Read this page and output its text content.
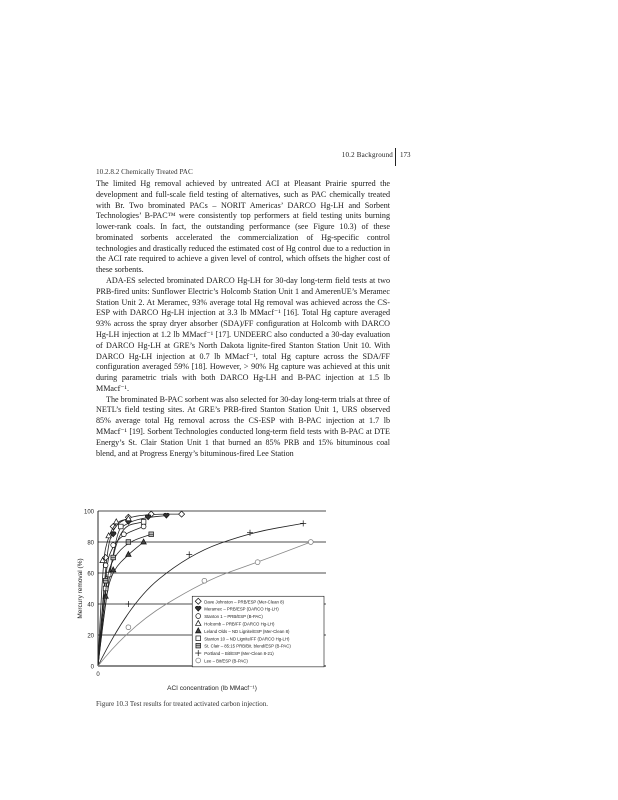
10.2 Background 173
10.2.8.2 Chemically Treated PAC

The limited Hg removal achieved by untreated ACI at Pleasant Prairie spurred the development and full-scale field testing of alternatives, such as PAC chemically treated with Br. Two brominated PACs – NORIT Americas’ DARCO Hg-LH and Sorbent Technologies’ B-PAC™ were consistently top performers at field testing units burning lower-rank coals. In fact, the outstanding performance (see Figure 10.3) of these brominated sorbents accelerated the commercialization of Hg-specific control technologies and drastically reduced the estimated cost of Hg control due to a reduction in the ACI rate required to achieve a given level of control, which offsets the higher cost of these sorbents.

ADA-ES selected brominated DARCO Hg-LH for 30-day long-term field tests at two PRB-fired units: Sunflower Electric’s Holcomb Station Unit 1 and AmerenUE’s Meramec Station Unit 2. At Meramec, 93% average total Hg removal was achieved across the CS-ESP with DARCO Hg-LH injection at 3.3 lb MMacf⁻¹ [16]. Total Hg capture averaged 93% across the spray dryer absorber (SDA)/FF configuration at Holcomb with DARCO Hg-LH injection at 1.2 lb MMacf⁻¹ [17]. UNDEERC also conducted a 30-day evaluation of DARCO Hg-LH at GRE’s North Dakota lignite-fired Stanton Station Unit 10. With DARCO Hg-LH injection at 0.7 lb MMacf⁻¹, total Hg capture across the SDA/FF configuration averaged 59% [18]. However, > 90% Hg capture was achieved at this unit during parametric trials with both DARCO Hg-LH and B-PAC injection at 1.5 lb MMacf⁻¹.

The brominated B-PAC sorbent was also selected for 30-day long-term trials at three of NETL’s field testing sites. At GRE’s PRB-fired Stanton Station Unit 1, URS observed 85% average total Hg removal across the CS-ESP with B-PAC injection at 1.7 lb MMacf⁻¹ [19]. Sorbent Technologies conducted long-term field tests with B-PAC at DTE Energy’s St. Clair Station Unit 1 that burned an 85% PRB and 15% bituminous coal blend, and at Progress Energy’s bituminous-fired Lee Station

0
20
40
60
80
100
0
ACI concentration (lb MMacf⁻¹)
Mercury removal (%)	Dave Johnston – PRB/ESP (Mer-Clean 8)
Meramec – PRB/ESP (DARCO Hg-LH)
Stanton 1 – PRB/ESP (B-PAC)
Holcomb – PRB/FF (DARCO Hg-LH)
Leland Olds – ND Lignite/ESP (Mer-Clean 8)
Stanton 10 – ND Lignite/FF (DARCO Hg-LH)
St. Clair – 85:15 PRB/Bit. blend/ESP (B-PAC)
Portland – Bit/ESP (Mer-Clean 8-21)
Lee – Bit/ESP (B-PAC)
Figure 10.3 Test results for treated activated carbon injection.
